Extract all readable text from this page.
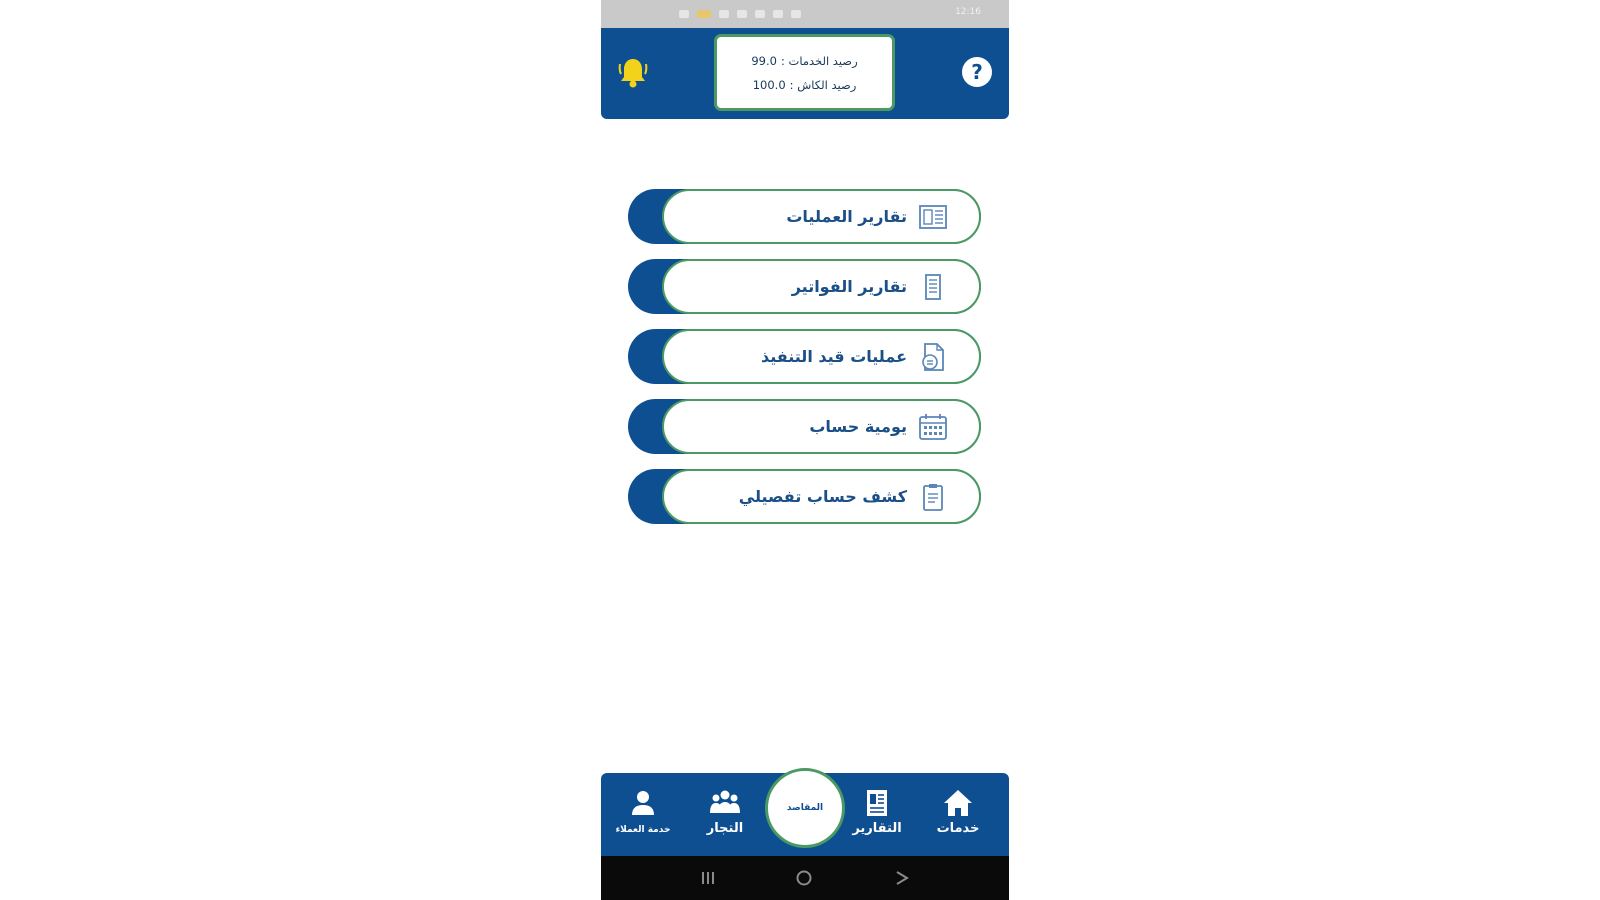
12:16
رصيد الخدمات :
99.0
رصيد الكاش :
100.0
?
تقارير العمليات
تقارير الفواتير
عمليات قيد التنفيذ
يومية حساب
كشف حساب تفصيلي
خدمة العملاء	التجار
المقاصد
التقارير	خدمات
